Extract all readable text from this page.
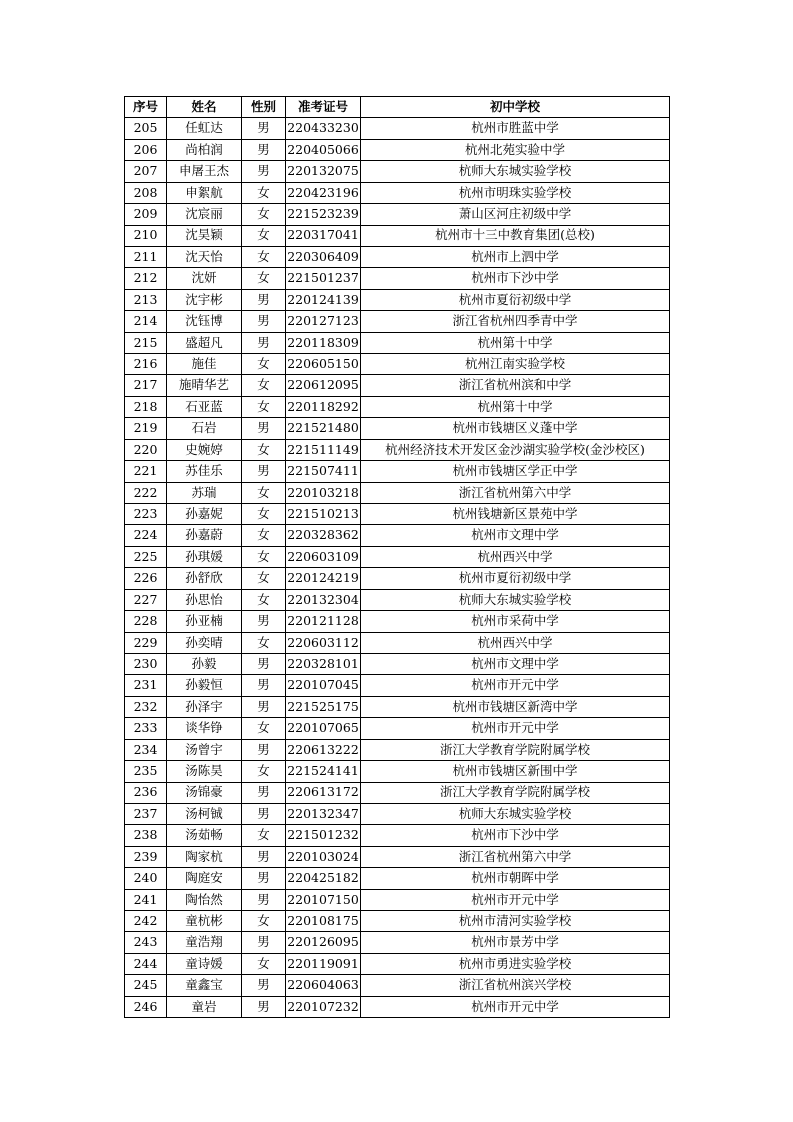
序号	姓名	性别	准考证号	初中学校
205	任虹达	男	220433230	杭州市胜蓝中学
206	尚柏润	男	220405066	杭州北苑实验中学
207	申屠王杰	男	220132075	杭师大东城实验学校
208	申絮航	女	220423196	杭州市明珠实验学校
209	沈宸丽	女	221523239	萧山区河庄初级中学
210	沈昊颖	女	220317041	杭州市十三中教育集团(总校)
211	沈天怡	女	220306409	杭州市上泗中学
212	沈妍	女	221501237	杭州市下沙中学
213	沈宇彬	男	220124139	杭州市夏衍初级中学
214	沈钰博	男	220127123	浙江省杭州四季青中学
215	盛超凡	男	220118309	杭州第十中学
216	施佳	女	220605150	杭州江南实验学校
217	施晴华艺	女	220612095	浙江省杭州滨和中学
218	石亚蓝	女	220118292	杭州第十中学
219	石岩	男	221521480	杭州市钱塘区义蓬中学
220	史婉婷	女	221511149	杭州经济技术开发区金沙湖实验学校(金沙校区)
221	苏佳乐	男	221507411	杭州市钱塘区学正中学
222	苏瑞	女	220103218	浙江省杭州第六中学
223	孙嘉妮	女	221510213	杭州钱塘新区景苑中学
224	孙嘉蔚	女	220328362	杭州市文理中学
225	孙琪媛	女	220603109	杭州西兴中学
226	孙舒欣	女	220124219	杭州市夏衍初级中学
227	孙思怡	女	220132304	杭师大东城实验学校
228	孙亚楠	男	220121128	杭州市采荷中学
229	孙奕晴	女	220603112	杭州西兴中学
230	孙毅	男	220328101	杭州市文理中学
231	孙毅恒	男	220107045	杭州市开元中学
232	孙泽宇	男	221525175	杭州市钱塘区新湾中学
233	谈华铮	女	220107065	杭州市开元中学
234	汤曾宇	男	220613222	浙江大学教育学院附属学校
235	汤陈昊	女	221524141	杭州市钱塘区新围中学
236	汤锦豪	男	220613172	浙江大学教育学院附属学校
237	汤柯铖	男	220132347	杭师大东城实验学校
238	汤茹畅	女	221501232	杭州市下沙中学
239	陶家杭	男	220103024	浙江省杭州第六中学
240	陶庭安	男	220425182	杭州市朝晖中学
241	陶怡然	男	220107150	杭州市开元中学
242	童杭彬	女	220108175	杭州市清河实验学校
243	童浩翔	男	220126095	杭州市景芳中学
244	童诗媛	女	220119091	杭州市勇进实验学校
245	童鑫宝	男	220604063	浙江省杭州滨兴学校
246	童岩	男	220107232	杭州市开元中学
